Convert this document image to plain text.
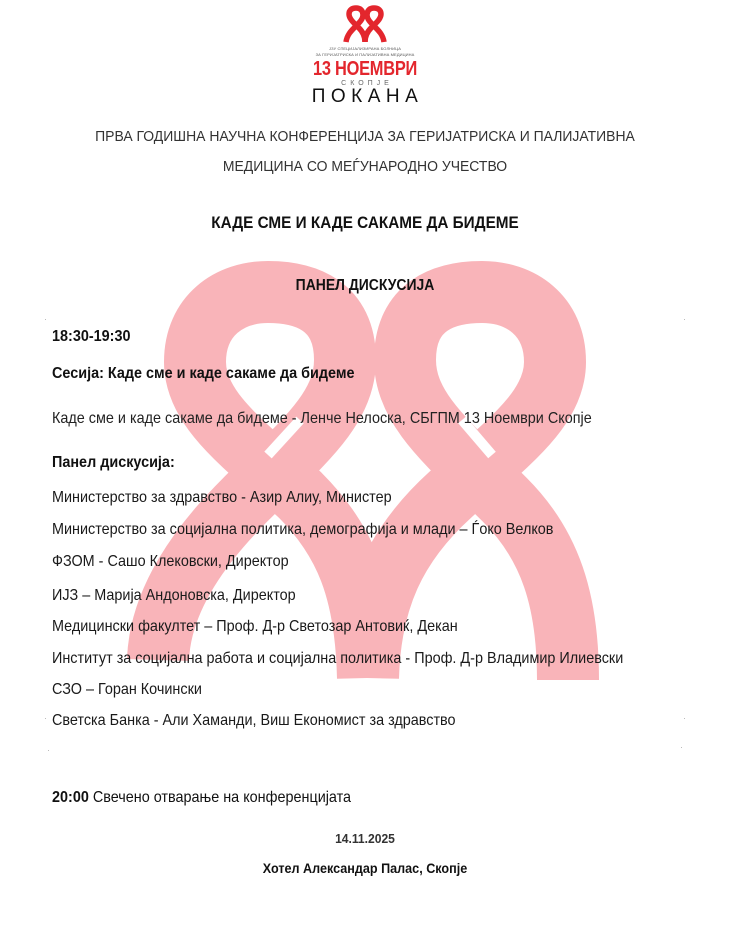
ЈЗУ СПЕЦИЈАЛИЗИРАНА БОЛНИЦА
ЗА ГЕРИЈАТРИСКА И ПАЛИЈАТИВНА МЕДИЦИНА
13 НОЕМВРИ
СКОПЈЕ
ПОКАНА
ПРВА ГОДИШНА НАУЧНА КОНФЕРЕНЦИЈА ЗА ГЕРИЈАТРИСКА И ПАЛИЈАТИВНА
МЕДИЦИНА СО МЕЃУНАРОДНО УЧЕСТВО
КАДЕ СМЕ И КАДЕ САКАМЕ ДА БИДЕМЕ
ПАНЕЛ ДИСКУСИЈА
18:30-19:30
Сесија: Каде сме и каде сакаме да бидеме
Каде сме и каде сакаме да бидеме - Ленче Нелоска, СБГПМ 13 Ноември Скопје
Панел дискусија:
Министерство за здравство - Азир Алиу, Министер
Министерство за социјална политика, демографија и млади – Ѓоко Велков
ФЗОМ - Сашо Клековски, Директор
ИЈЗ – Марија Андоновска, Директор
Медицински факултет – Проф. Д-р Светозар Антовиќ, Декан
Институт за социјална работа и социјална политика - Проф. Д-р Владимир Илиевски
СЗО – Горан Кочински
Светска Банка - Али Хаманди, Виш Економист за здравство
20:00 Свечено отварање на конференцијата
14.11.2025
Хотел Александар Палас, Скопје
